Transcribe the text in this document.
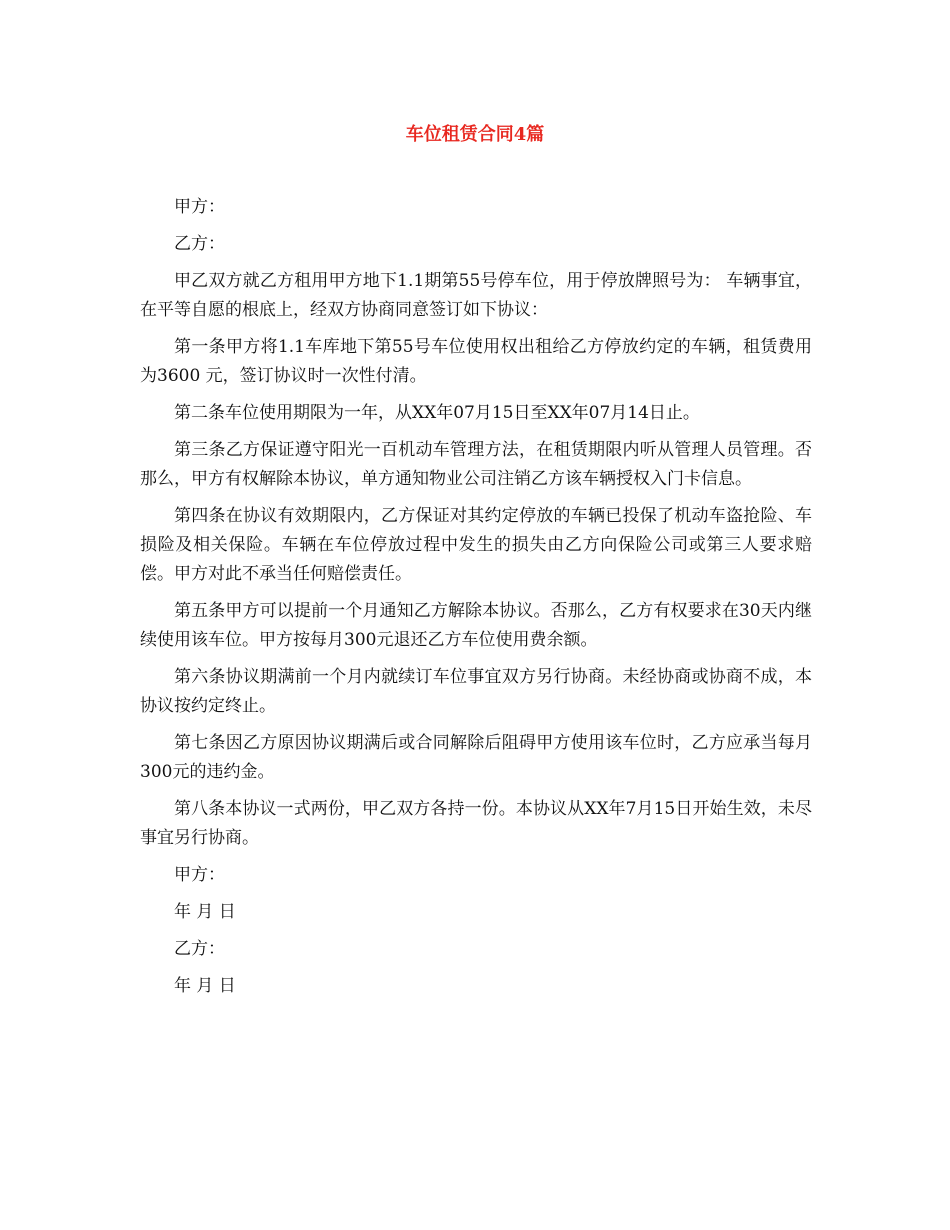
车位租赁合同4篇

甲方：

乙方：

甲乙双方就乙方租用甲方地下1.1期第55号停车位，用于停放牌照号为： 车辆事宜，在平等自愿的根底上，经双方协商同意签订如下协议：

第一条甲方将1.1车库地下第55号车位使用权出租给乙方停放约定的车辆，租赁费用为3600 元，签订协议时一次性付清。

第二条车位使用期限为一年，从XX年07月15日至XX年07月14日止。

第三条乙方保证遵守阳光一百机动车管理方法，在租赁期限内听从管理人员管理。否那么，甲方有权解除本协议，单方通知物业公司注销乙方该车辆授权入门卡信息。

第四条在协议有效期限内，乙方保证对其约定停放的车辆已投保了机动车盗抢险、车损险及相关保险。车辆在车位停放过程中发生的损失由乙方向保险公司或第三人要求赔偿。甲方对此不承当任何赔偿责任。

第五条甲方可以提前一个月通知乙方解除本协议。否那么，乙方有权要求在30天内继续使用该车位。甲方按每月300元退还乙方车位使用费余额。

第六条协议期满前一个月内就续订车位事宜双方另行协商。未经协商或协商不成，本协议按约定终止。

第七条因乙方原因协议期满后或合同解除后阻碍甲方使用该车位时，乙方应承当每月300元的违约金。

第八条本协议一式两份，甲乙双方各持一份。本协议从XX年7月15日开始生效，未尽事宜另行协商。

甲方：

年 月 日

乙方：

年 月 日
